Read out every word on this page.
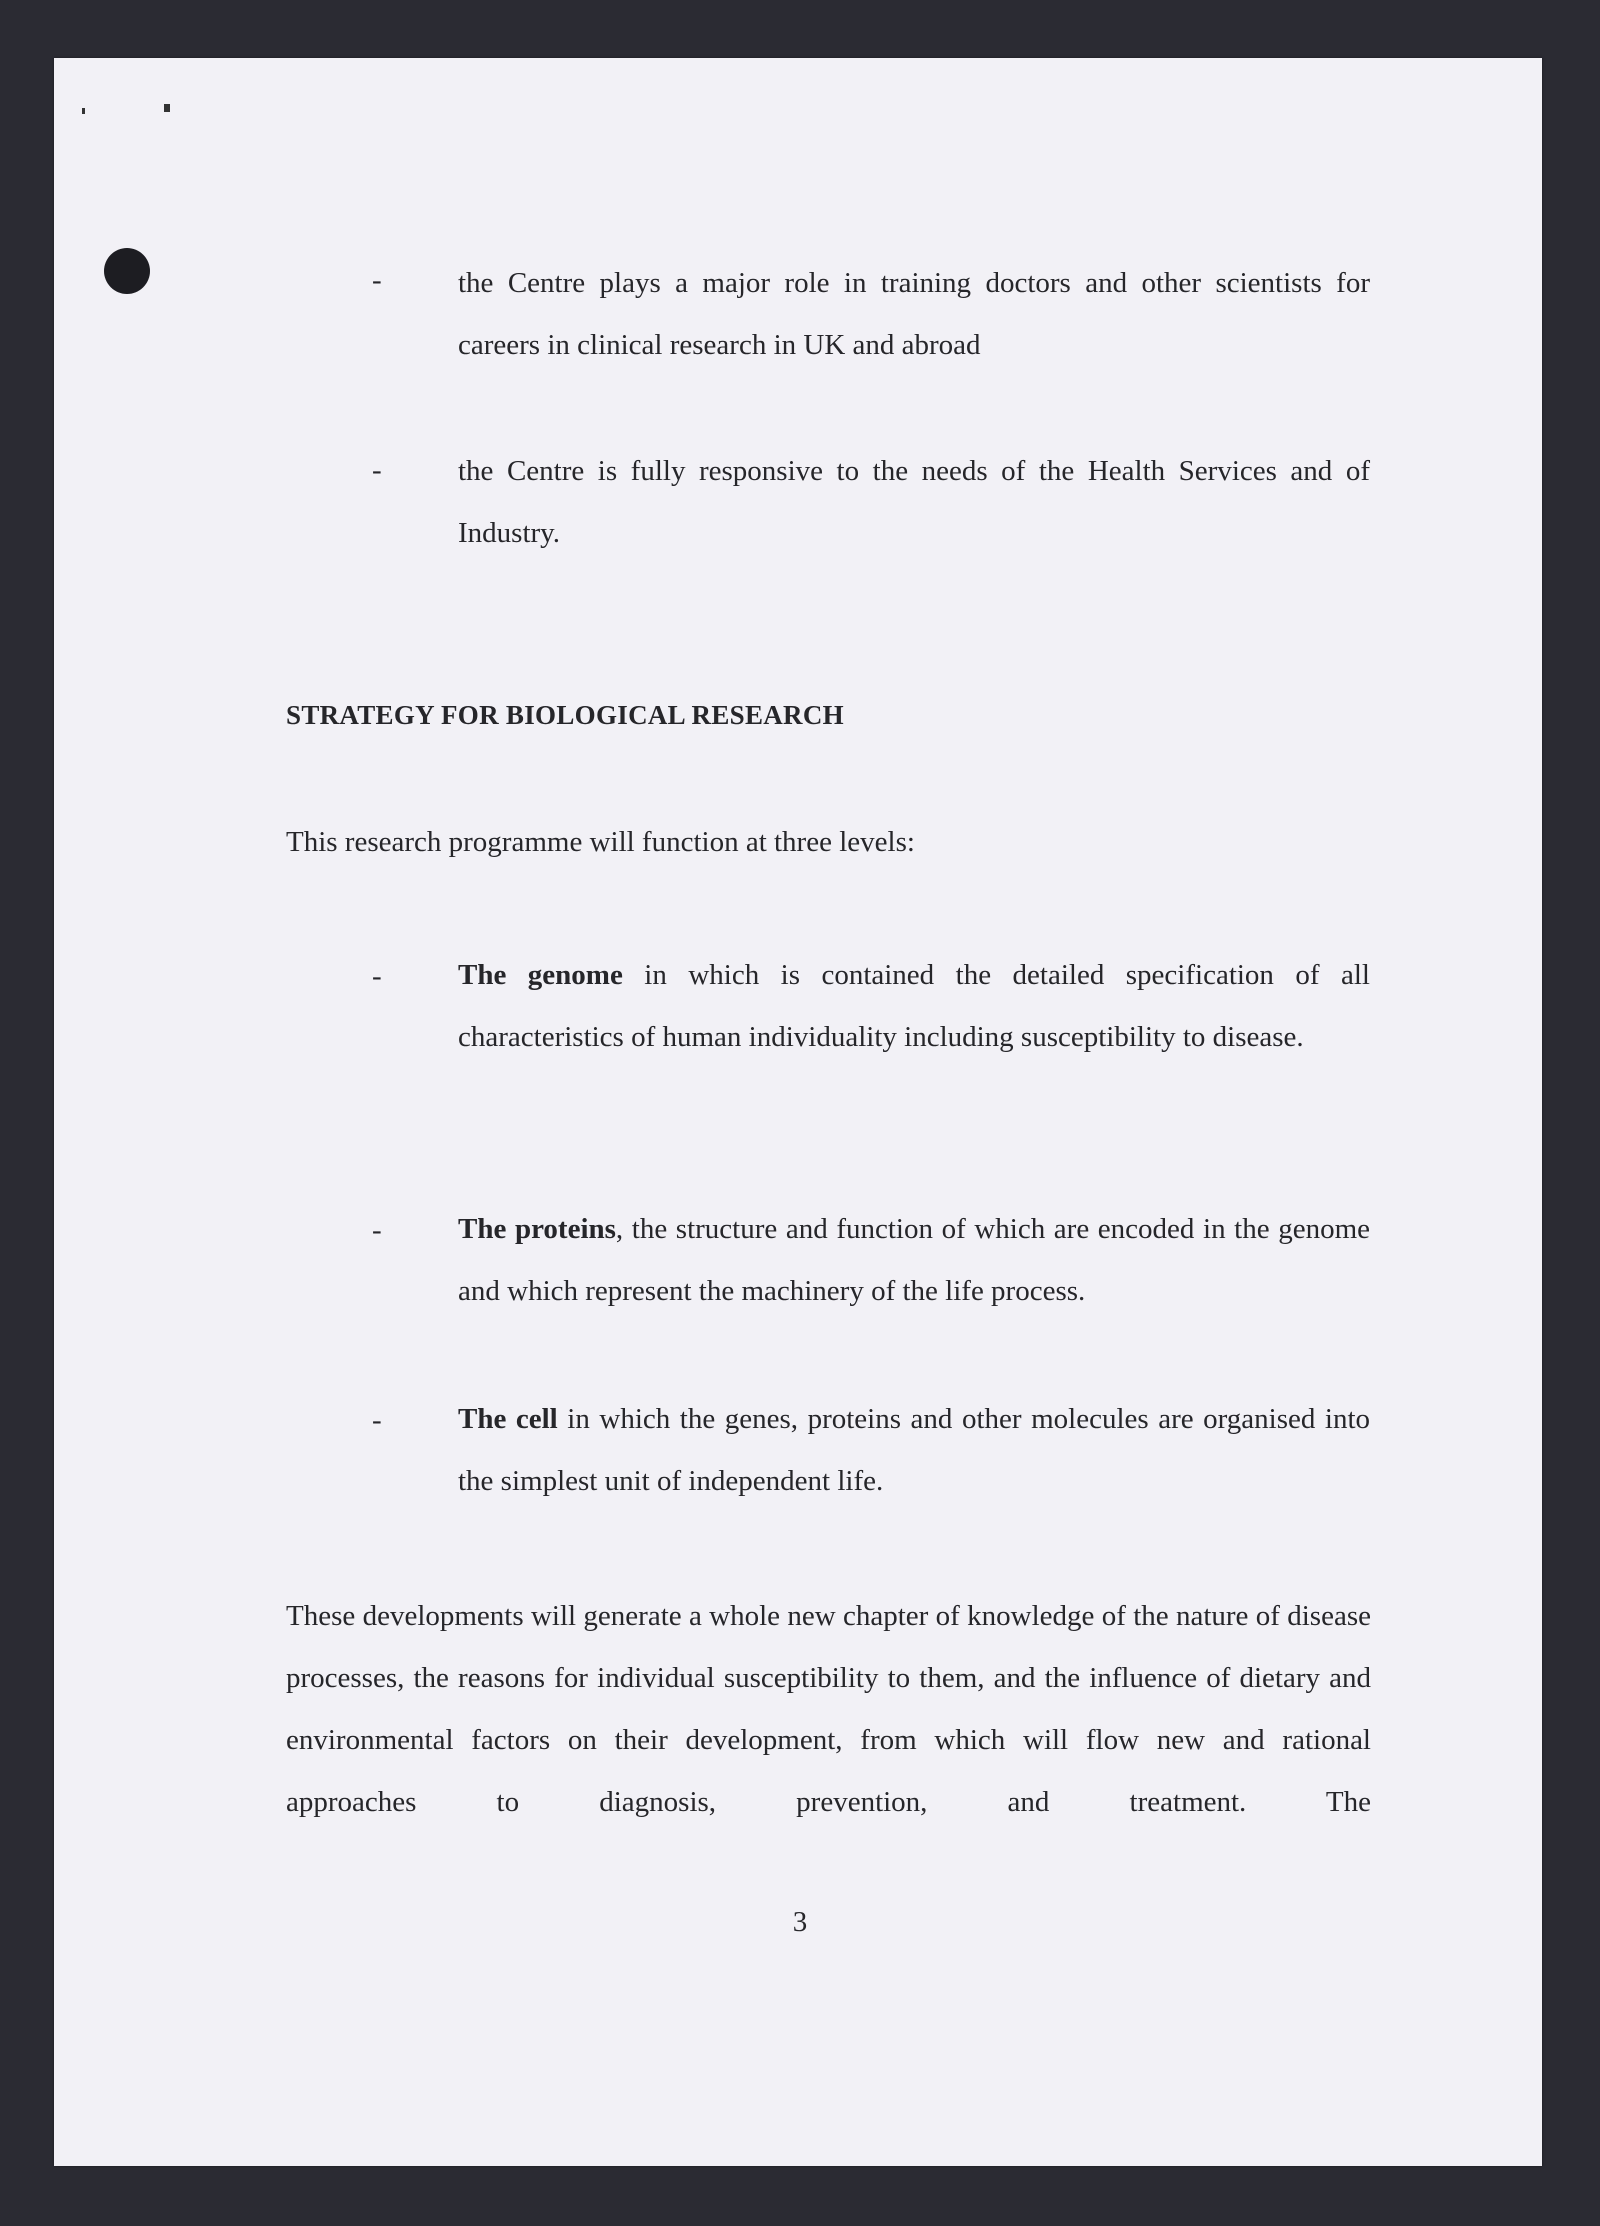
-	the Centre plays a major role in training doctors and other scientists for careers in clinical research in UK and abroad
-	the Centre is fully responsive to the needs of the Health Services and of Industry.
STRATEGY FOR BIOLOGICAL RESEARCH
This research programme will function at three levels:
-	The genome in which is contained the detailed specification of all characteristics of human individuality including susceptibility to disease.
-	The proteins, the structure and function of which are encoded in the genome and which represent the machinery of the life process.
-	The cell in which the genes, proteins and other molecules are organised into the simplest unit of independent life.
These developments will generate a whole new chapter of knowledge of the nature of disease processes, the reasons for individual susceptibility to them, and the influence of dietary and environmental factors on their development, from which will flow new and rational approaches to diagnosis, prevention, and treatment. The
3
